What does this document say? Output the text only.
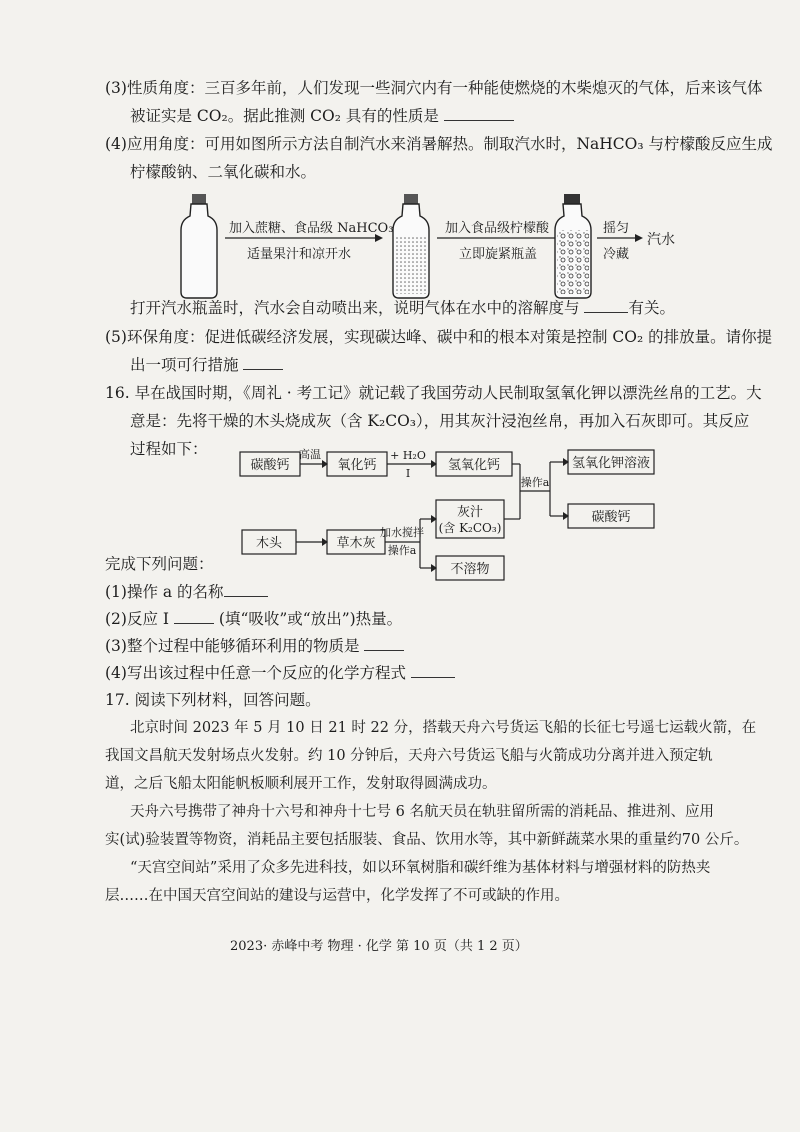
(3)性质角度：三百多年前，人们发现一些洞穴内有一种能使燃烧的木柴熄灭的气体，后来该气体
被证实是 CO₂。据此推测 CO₂ 具有的性质是
(4)应用角度：可用如图所示方法自制汽水来消暑解热。制取汽水时，NaHCO₃ 与柠檬酸反应生成
柠檬酸钠、二氧化碳和水。
加入蔗糖、食品级 NaHCO₃
适量果汁和凉开水
加入食品级柠檬酸
立即旋紧瓶盖
摇匀
冷藏
汽水
打开汽水瓶盖时，汽水会自动喷出来，说明气体在水中的溶解度与	有关。
(5)环保角度：促进低碳经济发展，实现碳达峰、碳中和的根本对策是控制 CO₂ 的排放量。请你提
出一项可行措施
16. 早在战国时期，《周礼 · 考工记》就记载了我国劳动人民制取氢氧化钾以漂洗丝帛的工艺。大
意是：先将干燥的木头烧成灰（含 K₂CO₃），用其灰汁浸泡丝帛，再加入石灰即可。其反应
过程如下：
碳酸钙
高温
氧化钙
+ H₂O
I
氢氧化钙
操作a
氢氧化钾溶液
碳酸钙
木头	草木灰
加水搅拌
操作a
灰汁
(含 K₂CO₃)
不溶物
完成下列问题：
(1)操作 a 的名称
(2)反应 I	(填“吸收”或“放出”)热量。
(3)整个过程中能够循环利用的物质是
(4)写出该过程中任意一个反应的化学方程式
17. 阅读下列材料，回答问题。
北京时间 2023 年 5 月 10 日 21 时 22 分，搭载天舟六号货运飞船的长征七号遥七运载火箭，在
我国文昌航天发射场点火发射。约 10 分钟后，天舟六号货运飞船与火箭成功分离并进入预定轨
道，之后飞船太阳能帆板顺利展开工作，发射取得圆满成功。
天舟六号携带了神舟十六号和神舟十七号 6 名航天员在轨驻留所需的消耗品、推进剂、应用
实(试)验装置等物资，消耗品主要包括服装、食品、饮用水等，其中新鲜蔬菜水果的重量约70 公斤。
“天宫空间站”采用了众多先进科技，如以环氧树脂和碳纤维为基体材料与增强材料的防热夹
层……在中国天宫空间站的建设与运营中，化学发挥了不可或缺的作用。
2023· 赤峰中考 物理 · 化学 第 10 页（共 1 2 页）
